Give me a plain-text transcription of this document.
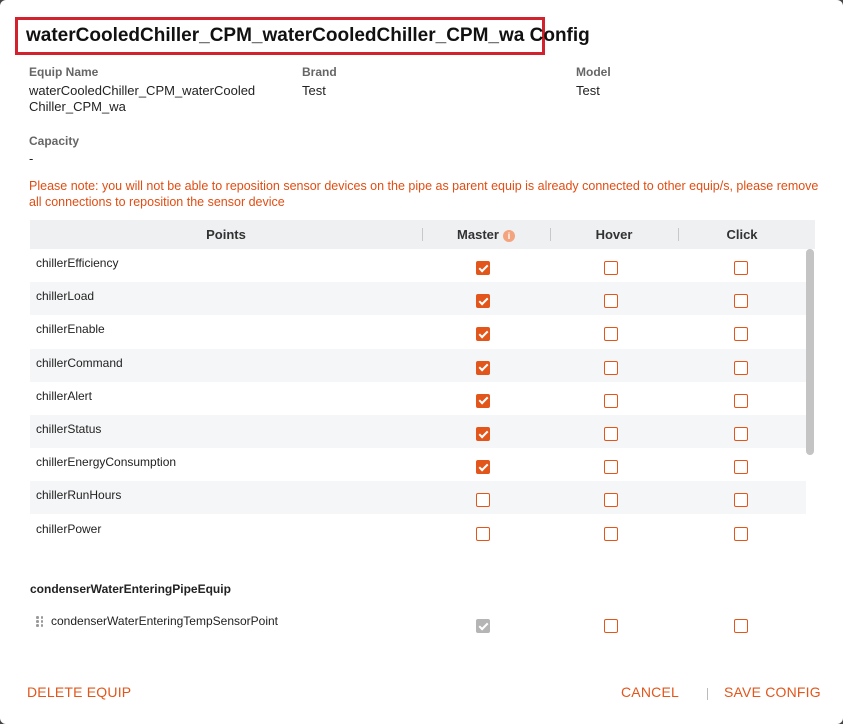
waterCooledChiller_CPM_waterCooledChiller_CPM_wa Config
Equip Name
waterCooledChiller_CPM_waterCooled
Chiller_CPM_wa
Brand
Test
Model
Test
Capacity
-
Please note: you will not be able to reposition sensor devices on the pipe as parent equip is already connected to other equip/s, please remove all connections to reposition the sensor device
Points	Master i	Hover	Click
chillerEfficiency
chillerLoad
chillerEnable
chillerCommand
chillerAlert
chillerStatus
chillerEnergyConsumption
chillerRunHours
chillerPower
condenserWaterEnteringPipeEquip
condenserWaterEnteringTempSensorPoint
DELETE EQUIP	CANCEL	SAVE CONFIG
